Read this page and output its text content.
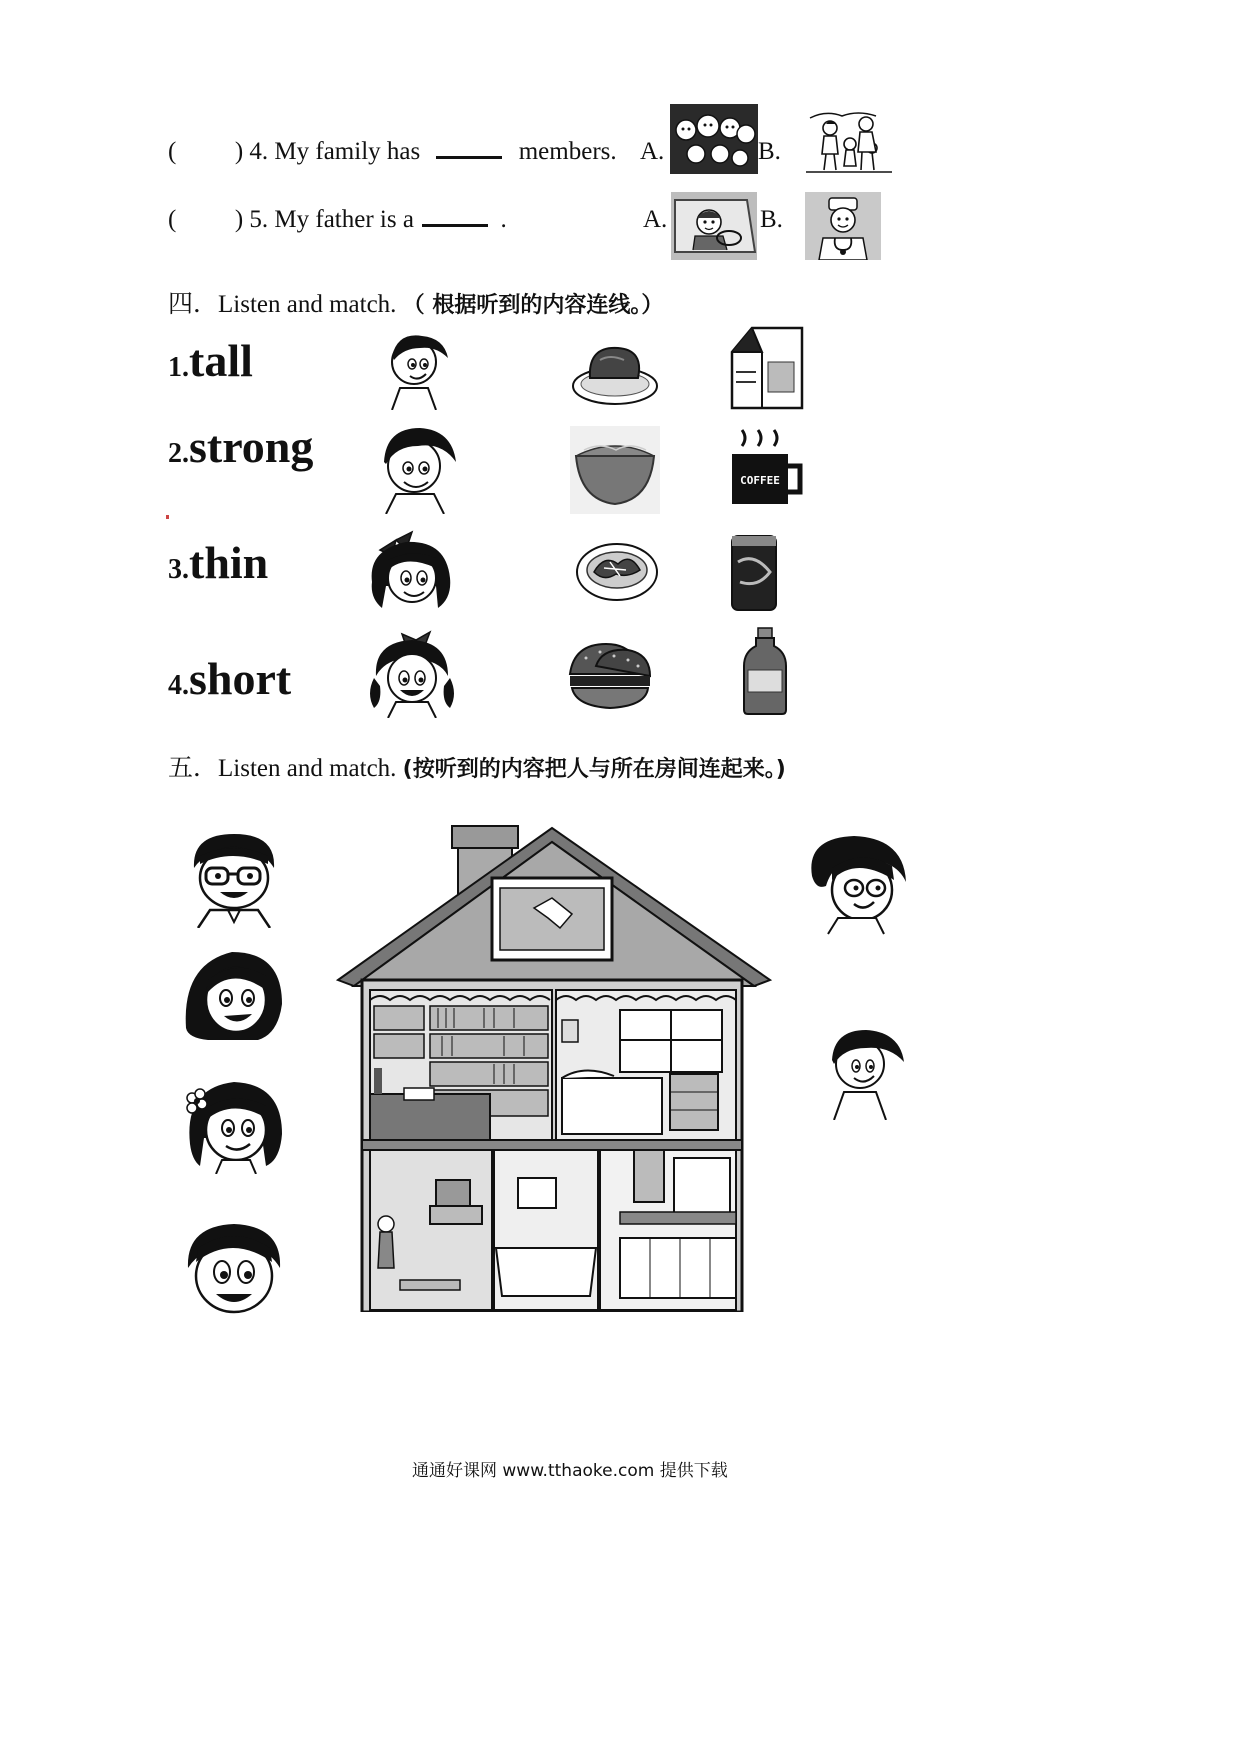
( ) 4. My family has	members. A.	B.
( ) 5. My father is a	.	A.	B.
四．Listen and match. （ 根据听到的内容连线。）
1.tall
2.strong
COFFEE
3.thin
4.short
五．Listen and match. (按听到的内容把人与所在房间连起来。)
通通好课网 www.tthaoke.com 提供下载
